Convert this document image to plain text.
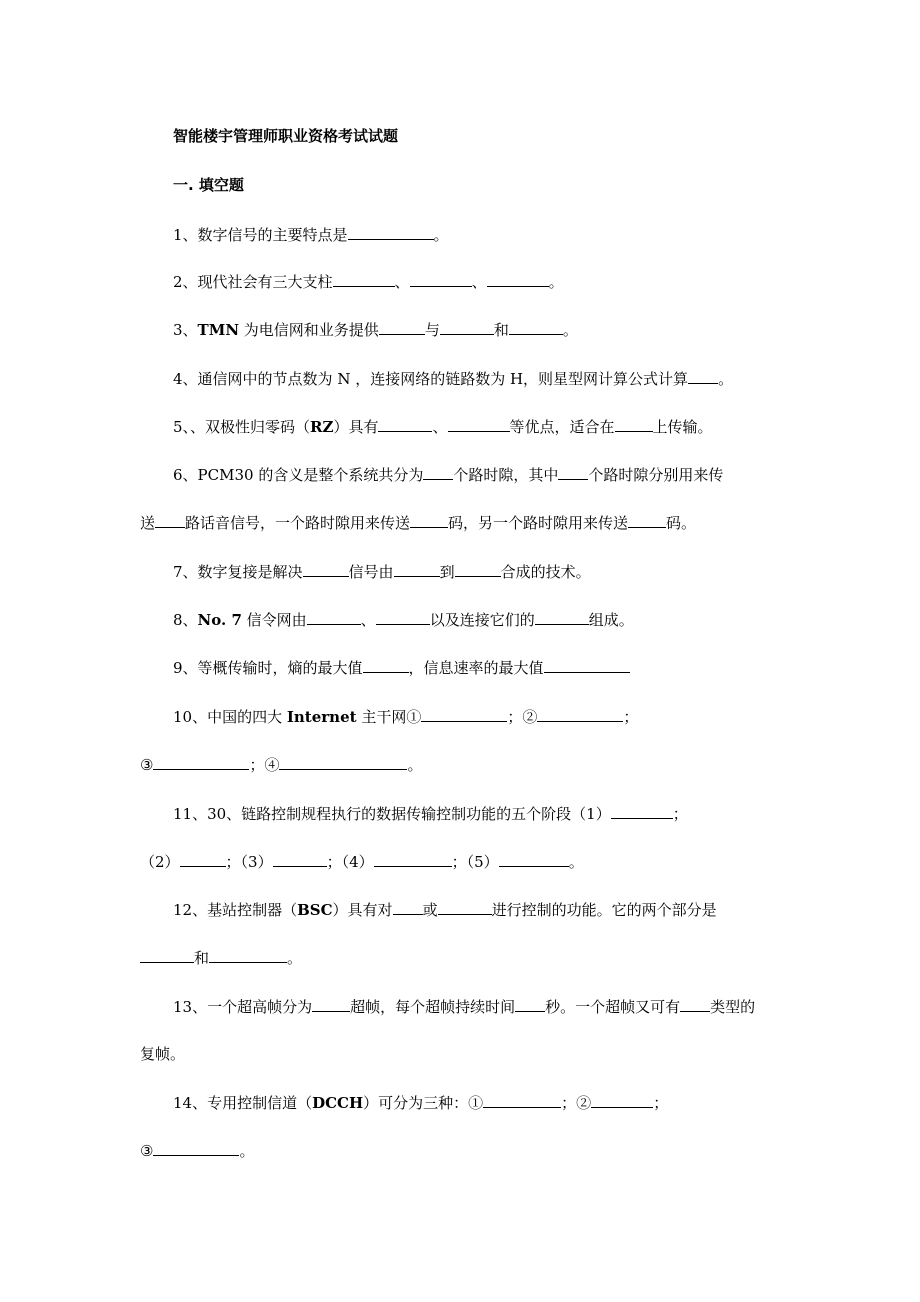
智能楼宇管理师职业资格考试试题
一. 填空题
1、数字信号的主要特点是	。
2、现代社会有三大支柱	、	、	。
3、TMN 为电信网和业务提供	与	和	。
4、通信网中的节点数为 N ，连接网络的链路数为 H，则星型网计算公式计算 。
5、、双极性归零码（RZ）具有	、	等优点，适合在	上传输。
6、PCM30 的含义是整个系统共分为 个路时隙，其中 个路时隙分别用来传
送 路话音信号，一个路时隙用来传送	码，另一个路时隙用来传送	码。
7、数字复接是解决	信号由	到	合成的技术。
8、No. 7 信令网由	、	以及连接它们的	组成。
9、等概传输时，熵的最大值	，信息速率的最大值
10、中国的四大 Internet 主干网①	；②	；
③	；④	。
11、30、链路控制规程执行的数据传输控制功能的五个阶段（1）	；
（2）	；（3）	；（4）	；（5）	。
12、基站控制器（BSC）具有对 或	进行控制的功能。它的两个部分是
和	。
13、一个超高帧分为	超帧，每个超帧持续时间 秒。一个超帧又可有 类型的
复帧。
14、专用控制信道（DCCH）可分为三种：①	；②	；
③	。
